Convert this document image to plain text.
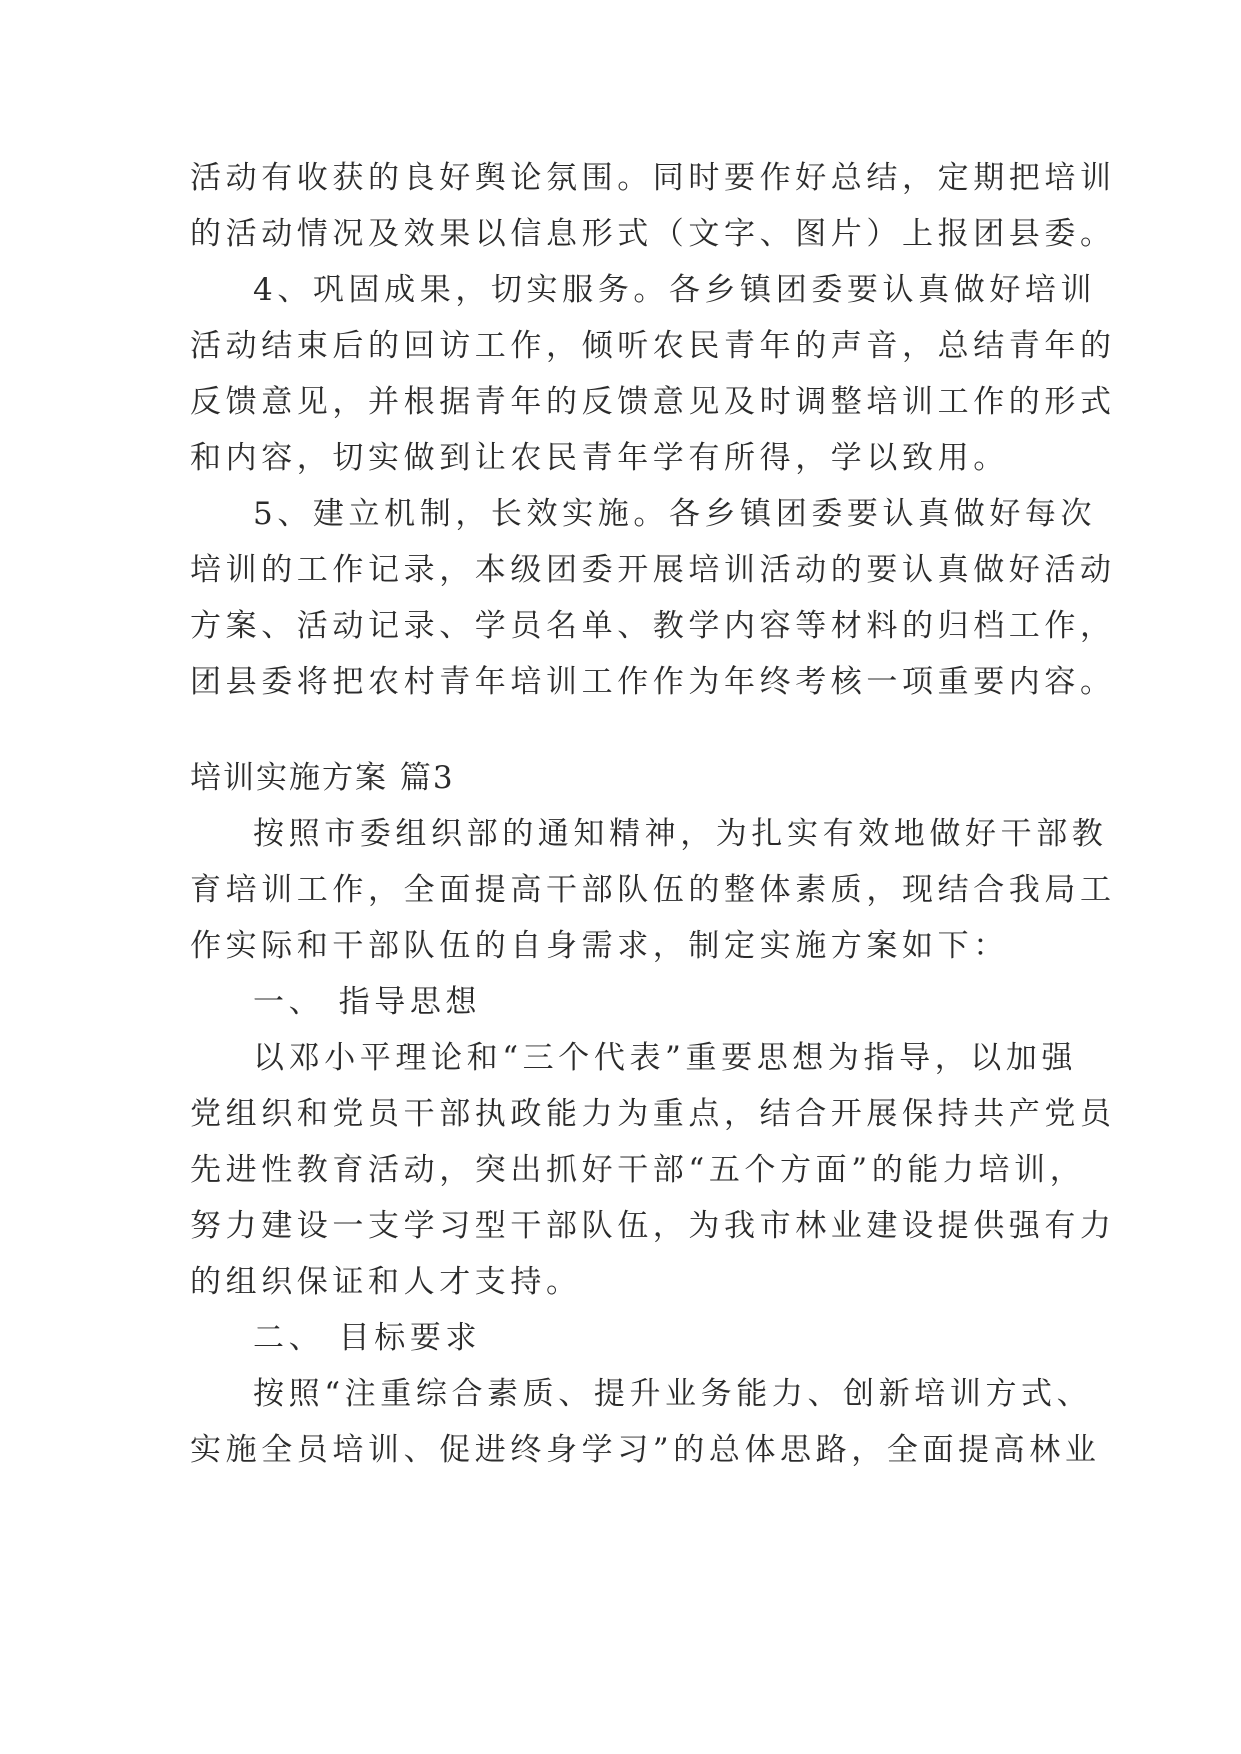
活动有收获的良好舆论氛围。同时要作好总结，定期把培训
的活动情况及效果以信息形式（文字、图片）上报团县委。
4、巩固成果，切实服务。各乡镇团委要认真做好培训
活动结束后的回访工作，倾听农民青年的声音，总结青年的
反馈意见，并根据青年的反馈意见及时调整培训工作的形式
和内容，切实做到让农民青年学有所得，学以致用。
5、建立机制，长效实施。各乡镇团委要认真做好每次
培训的工作记录，本级团委开展培训活动的要认真做好活动
方案、活动记录、学员名单、教学内容等材料的归档工作，
团县委将把农村青年培训工作作为年终考核一项重要内容。
培训实施方案 篇3
按照市委组织部的通知精神，为扎实有效地做好干部教
育培训工作，全面提高干部队伍的整体素质，现结合我局工
作实际和干部队伍的自身需求，制定实施方案如下：
一、 指导思想
以邓小平理论和“三个代表”重要思想为指导，以加强
党组织和党员干部执政能力为重点，结合开展保持共产党员
先进性教育活动，突出抓好干部“五个方面”的能力培训，
努力建设一支学习型干部队伍，为我市林业建设提供强有力
的组织保证和人才支持。
二、 目标要求
按照“注重综合素质、提升业务能力、创新培训方式、
实施全员培训、促进终身学习”的总体思路，全面提高林业
